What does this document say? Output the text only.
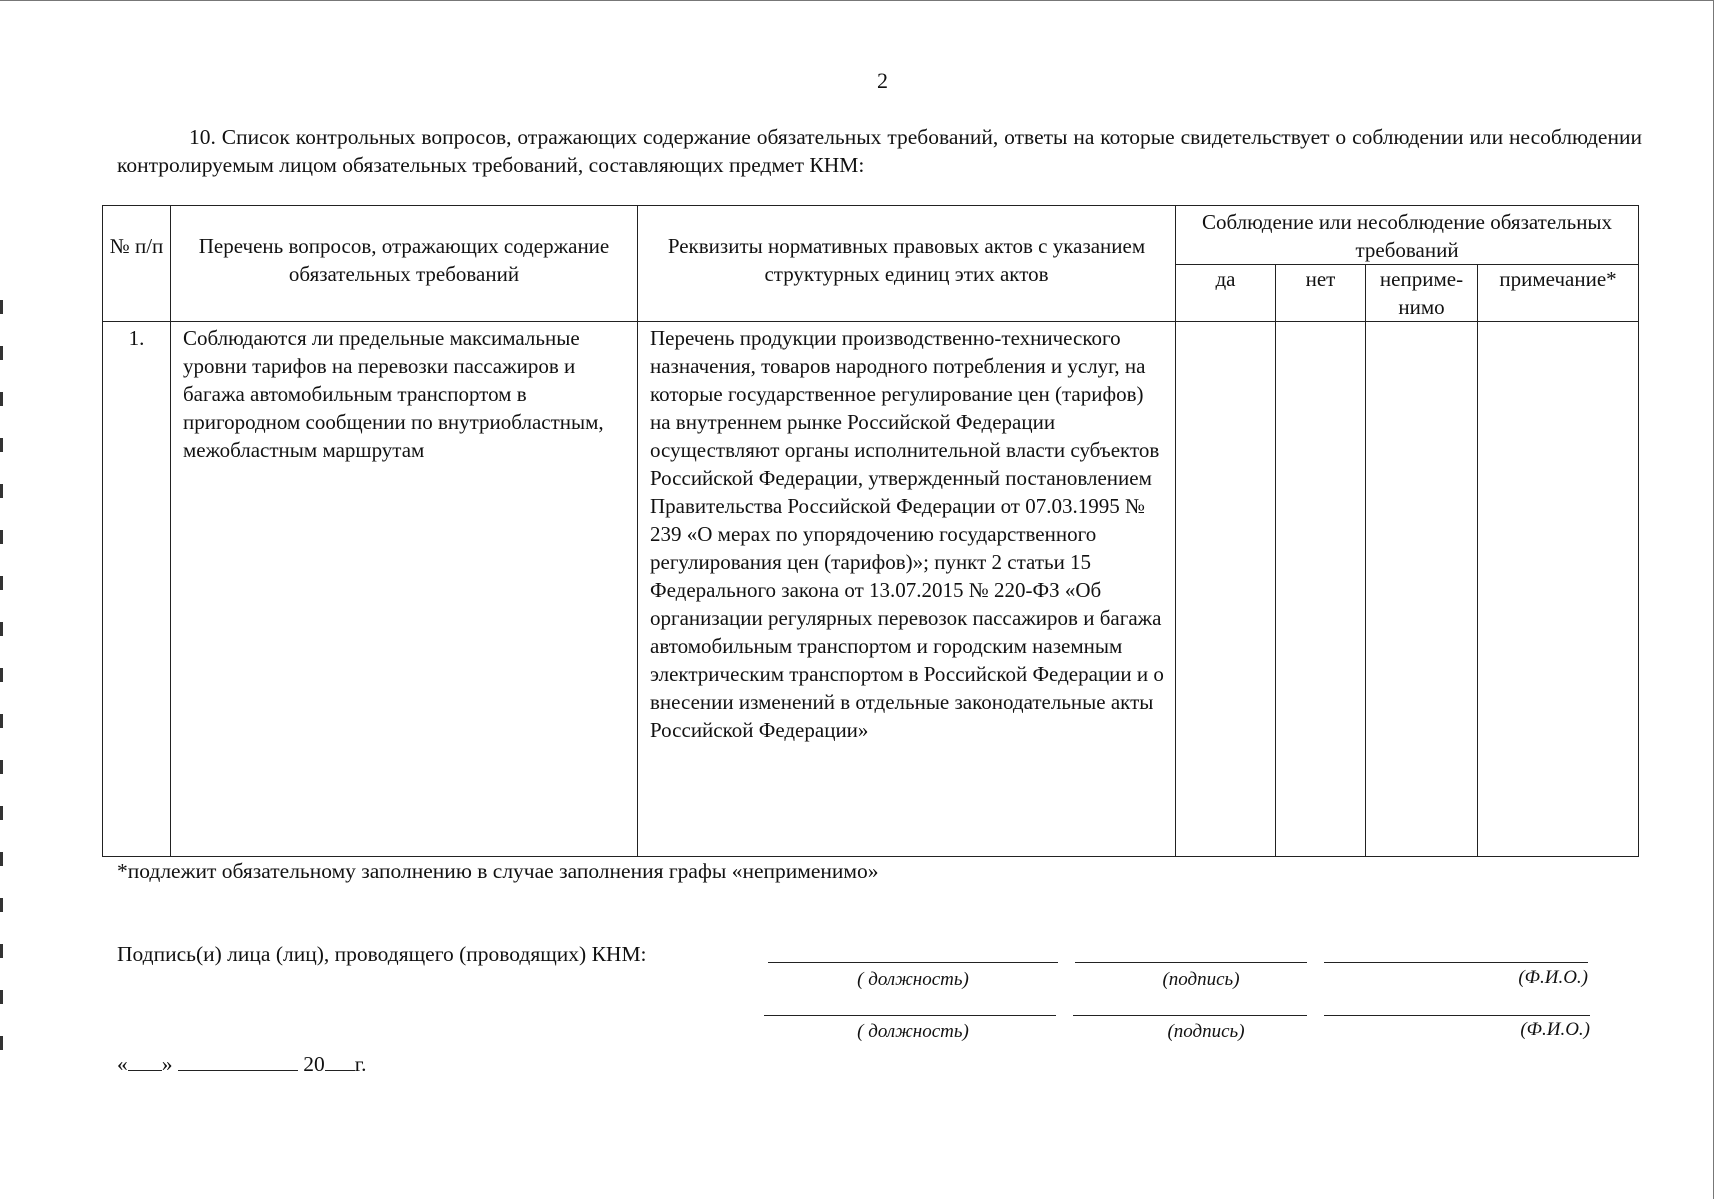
2
10. Список контрольных вопросов, отражающих содержание обязательных требований, ответы на которые свидетельствует о соблюдении или несоблюдении контролируемым лицом обязательных требований, составляющих предмет КНМ:
№ п/п	Перечень вопросов, отражающих содержание обязательных требований	Реквизиты нормативных правовых актов с указанием структурных единиц этих актов	Соблюдение или несоблюдение обязательных требований			
			да	нет	неприме-нимо	примечание*
1.	Соблюдаются ли предельные максимальные уровни тарифов на перевозки пассажиров и багажа автомобильным транспортом в пригородном сообщении по внутриобластным, межобластным маршрутам	Перечень продукции производственно-технического назначения, товаров народного потребления и услуг, на которые государственное регулирование цен (тарифов) на внутреннем рынке Российской Федерации осуществляют органы исполнительной власти субъектов Российской Федерации, утвержденный постановлением Правительства Российской Федерации от 07.03.1995 № 239 «О мерах по упорядочению государственного регулирования цен (тарифов)»; пункт 2 статьи 15 Федерального закона от 13.07.2015 № 220-ФЗ «Об организации регулярных перевозок пассажиров и багажа автомобильным транспортом и городским наземным электрическим транспортом в Российской Федерации и о внесении изменений в отдельные законодательные акты Российской Федерации»				
*подлежит обязательному заполнению в случае заполнения графы «неприменимо»
Подпись(и) лица (лиц), проводящего (проводящих) КНМ:
( должность)	(подпись)	(Ф.И.О.)
( должность)	(подпись)	(Ф.И.О.)
« »	20 г.
